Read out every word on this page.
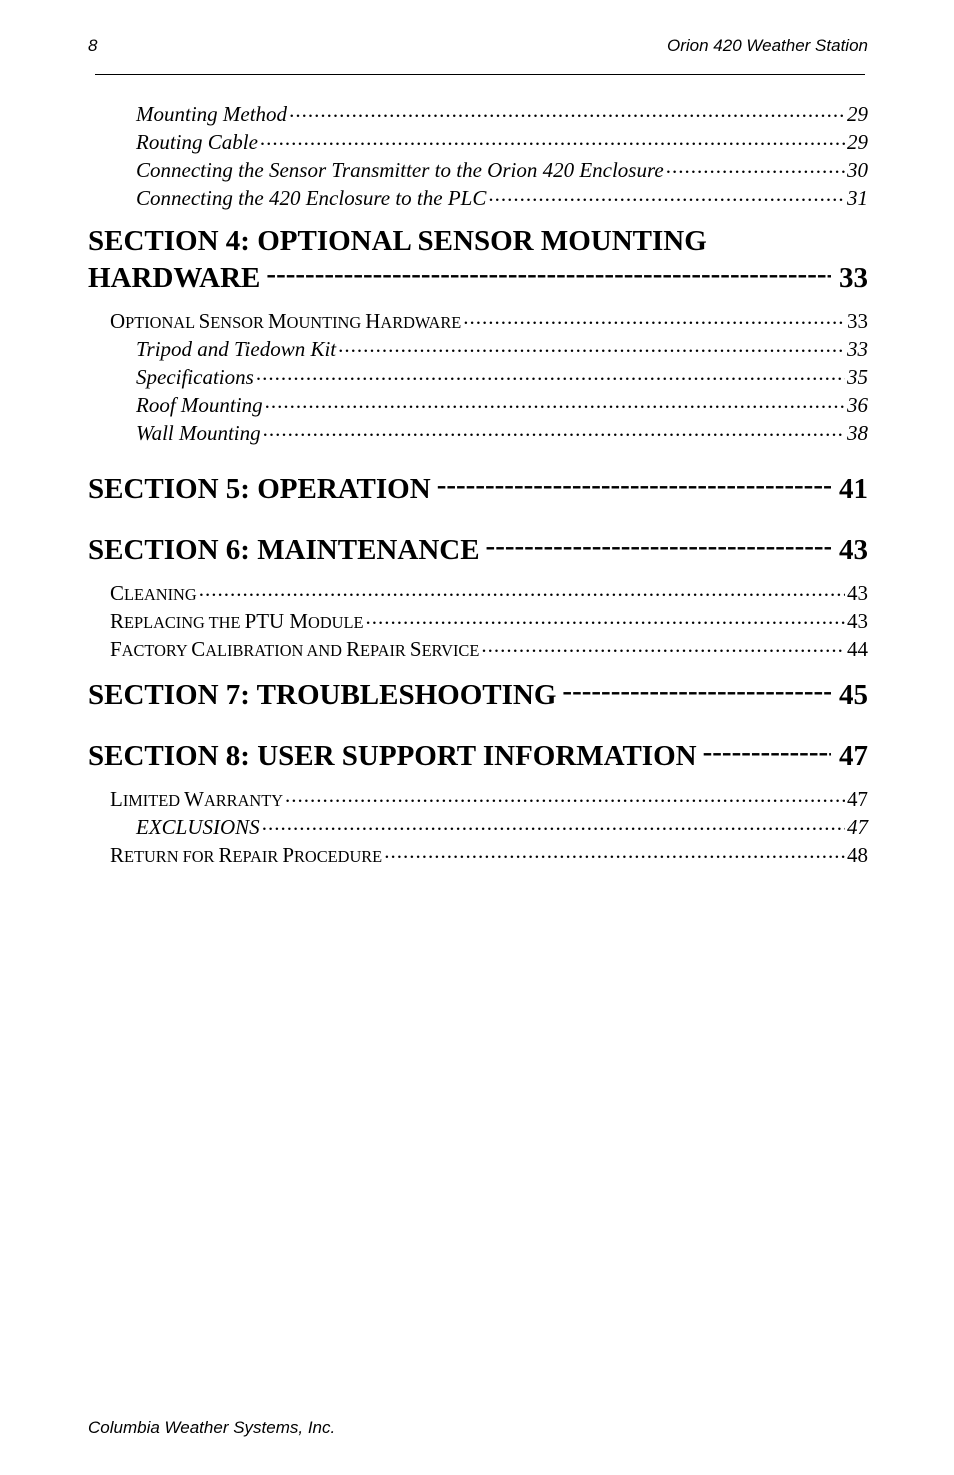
8	Orion 420 Weather Station
Mounting Method .....	29
Routing Cable .....	29
Connecting the Sensor Transmitter to the Orion 420 Enclosure .....	30
Connecting the 420 Enclosure to the PLC .....	31
SECTION 4: OPTIONAL SENSOR MOUNTING
HARDWARE -----	33
OPTIONAL SENSOR MOUNTING HARDWARE .....	33
Tripod and Tiedown Kit .....	33
Specifications .....	35
Roof Mounting .....	36
Wall Mounting .....	38
SECTION 5: OPERATION -----	41
SECTION 6: MAINTENANCE -----	43
CLEANING .....	43
REPLACING THE PTU MODULE .....	43
FACTORY CALIBRATION AND REPAIR SERVICE .....	44
SECTION 7: TROUBLESHOOTING -----	45
SECTION 8: USER SUPPORT INFORMATION -----	47
LIMITED WARRANTY .....	47
EXCLUSIONS .....	47
RETURN FOR REPAIR PROCEDURE .....	48
Columbia Weather Systems, Inc.
